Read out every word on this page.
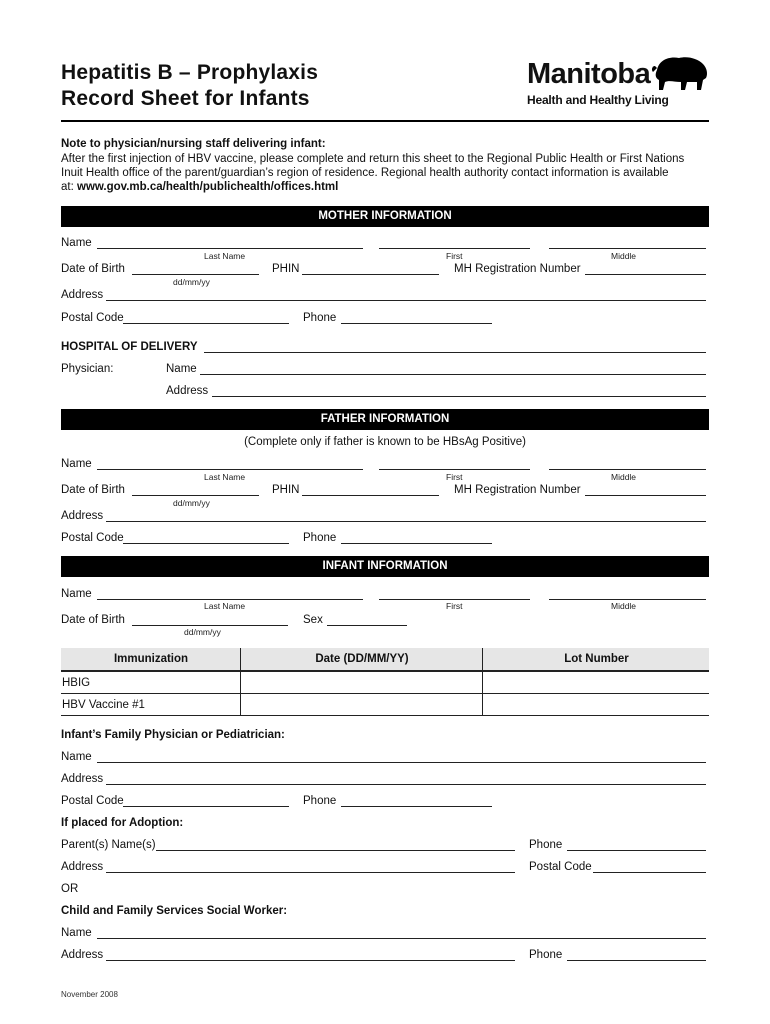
Hepatitis B – Prophylaxis
Record Sheet for Infants
Manitoba
Health and Healthy Living
Note to physician/nursing staff delivering infant:
After the first injection of HBV vaccine, please complete and return this sheet to the Regional Public Health or First Nations
Inuit Health office of the parent/guardian’s region of residence. Regional health authority contact information is available
at: www.gov.mb.ca/health/publichealth/offices.html
MOTHER INFORMATION
Name
Last Name	First	Middle
Date of Birth	PHIN	MH Registration Number
dd/mm/yy
Address
Postal Code	Phone
HOSPITAL OF DELIVERY
Physician:	Name
Address
FATHER INFORMATION
(Complete only if father is known to be HBsAg Positive)
Name
Last Name	First	Middle
Date of Birth	PHIN	MH Registration Number
dd/mm/yy
Address
Postal Code	Phone
INFANT INFORMATION
Name
Last Name	First	Middle
Date of Birth	Sex
dd/mm/yy
Immunization	Date (DD/MM/YY)	Lot Number
HBIG		
HBV Vaccine #1		
Infant’s Family Physician or Pediatrician:
Name
Address
Postal Code	Phone
If placed for Adoption:
Parent(s) Name(s)	Phone
Address	Postal Code
OR
Child and Family Services Social Worker:
Name
Address	Phone
November 2008
